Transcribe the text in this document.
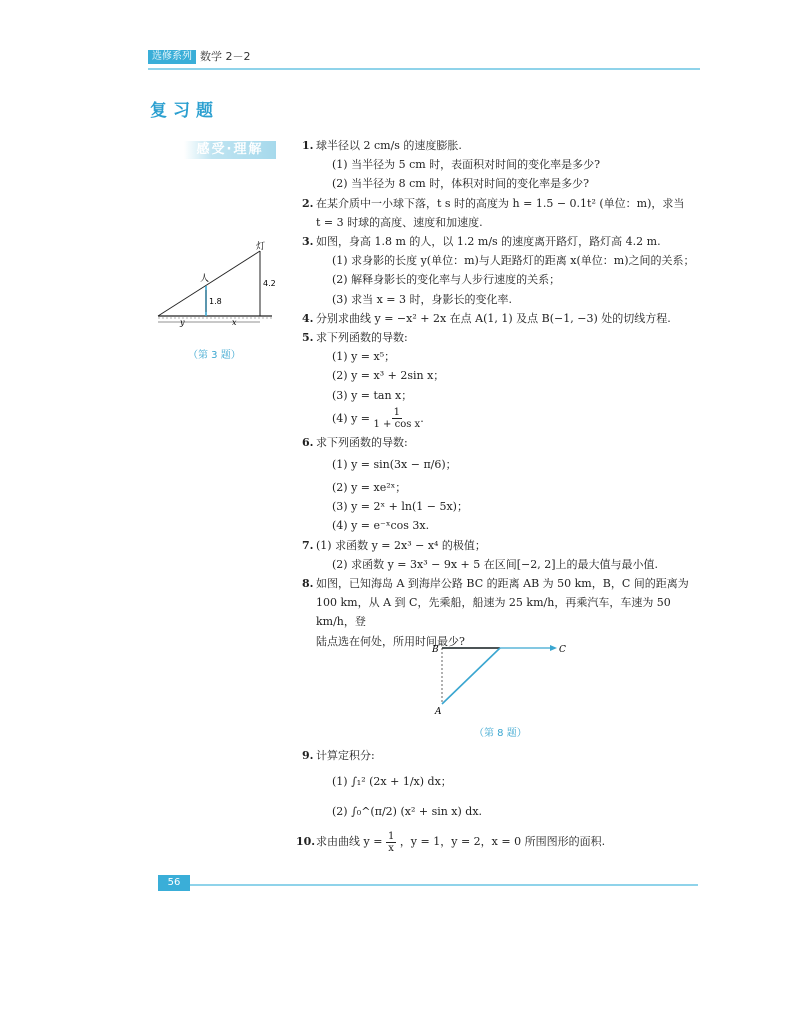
选修系列 数学 2－2
复习题
感受·理解
灯
人
1.8
4.2
y	x
（第 3 题）
1. 球半径以 2 cm/s 的速度膨胀.
(1) 当半径为 5 cm 时，表面积对时间的变化率是多少?
(2) 当半径为 8 cm 时，体积对时间的变化率是多少?
2. 在某介质中一小球下落，t s 时的高度为 h = 1.5 − 0.1t² (单位：m)，求当
t = 3 时球的高度、速度和加速度.
3. 如图，身高 1.8 m 的人，以 1.2 m/s 的速度离开路灯，路灯高 4.2 m.
(1) 求身影的长度 y(单位：m)与人距路灯的距离 x(单位：m)之间的关系；
(2) 解释身影长的变化率与人步行速度的关系；
(3) 求当 x = 3 时，身影长的变化率.
4. 分别求曲线 y = −x² + 2x 在点 A(1, 1) 及点 B(−1, −3) 处的切线方程.
5. 求下列函数的导数:
(1) y = x⁵；
(2) y = x³ + 2sin x；
(3) y = tan x；
(4) $y = \frac{1}{\text{1 + cos x}}$ .
6. 求下列函数的导数:
(1) y = sin(3x − π/6)；
(2) y = xe²ˣ；
(3) y = 2ˣ + ln(1 − 5x)；
(4) y = e⁻ˣcos 3x.
7. (1) 求函数 y = 2x³ − x⁴ 的极值；
(2) 求函数 y = 3x³ − 9x + 5 在区间[−2, 2]上的最大值与最小值.
8. 如图，已知海岛 A 到海岸公路 BC 的距离 AB 为 50 km，B，C 间的距离为
100 km，从 A 到 C，先乘船，船速为 25 km/h，再乘汽车，车速为 50 km/h，登
陆点选在何处，所用时间最少?
B	C
A
（第 8 题）
9. 计算定积分:
(1) ∫₁² (2x + 1/x) dx；
(2) ∫₀^(π/2) (x² + sin x) dx.
10. 求由曲线 $y = \frac{1}{x}$ ，y = 1，y = 2，x = 0 所围图形的面积.
56
